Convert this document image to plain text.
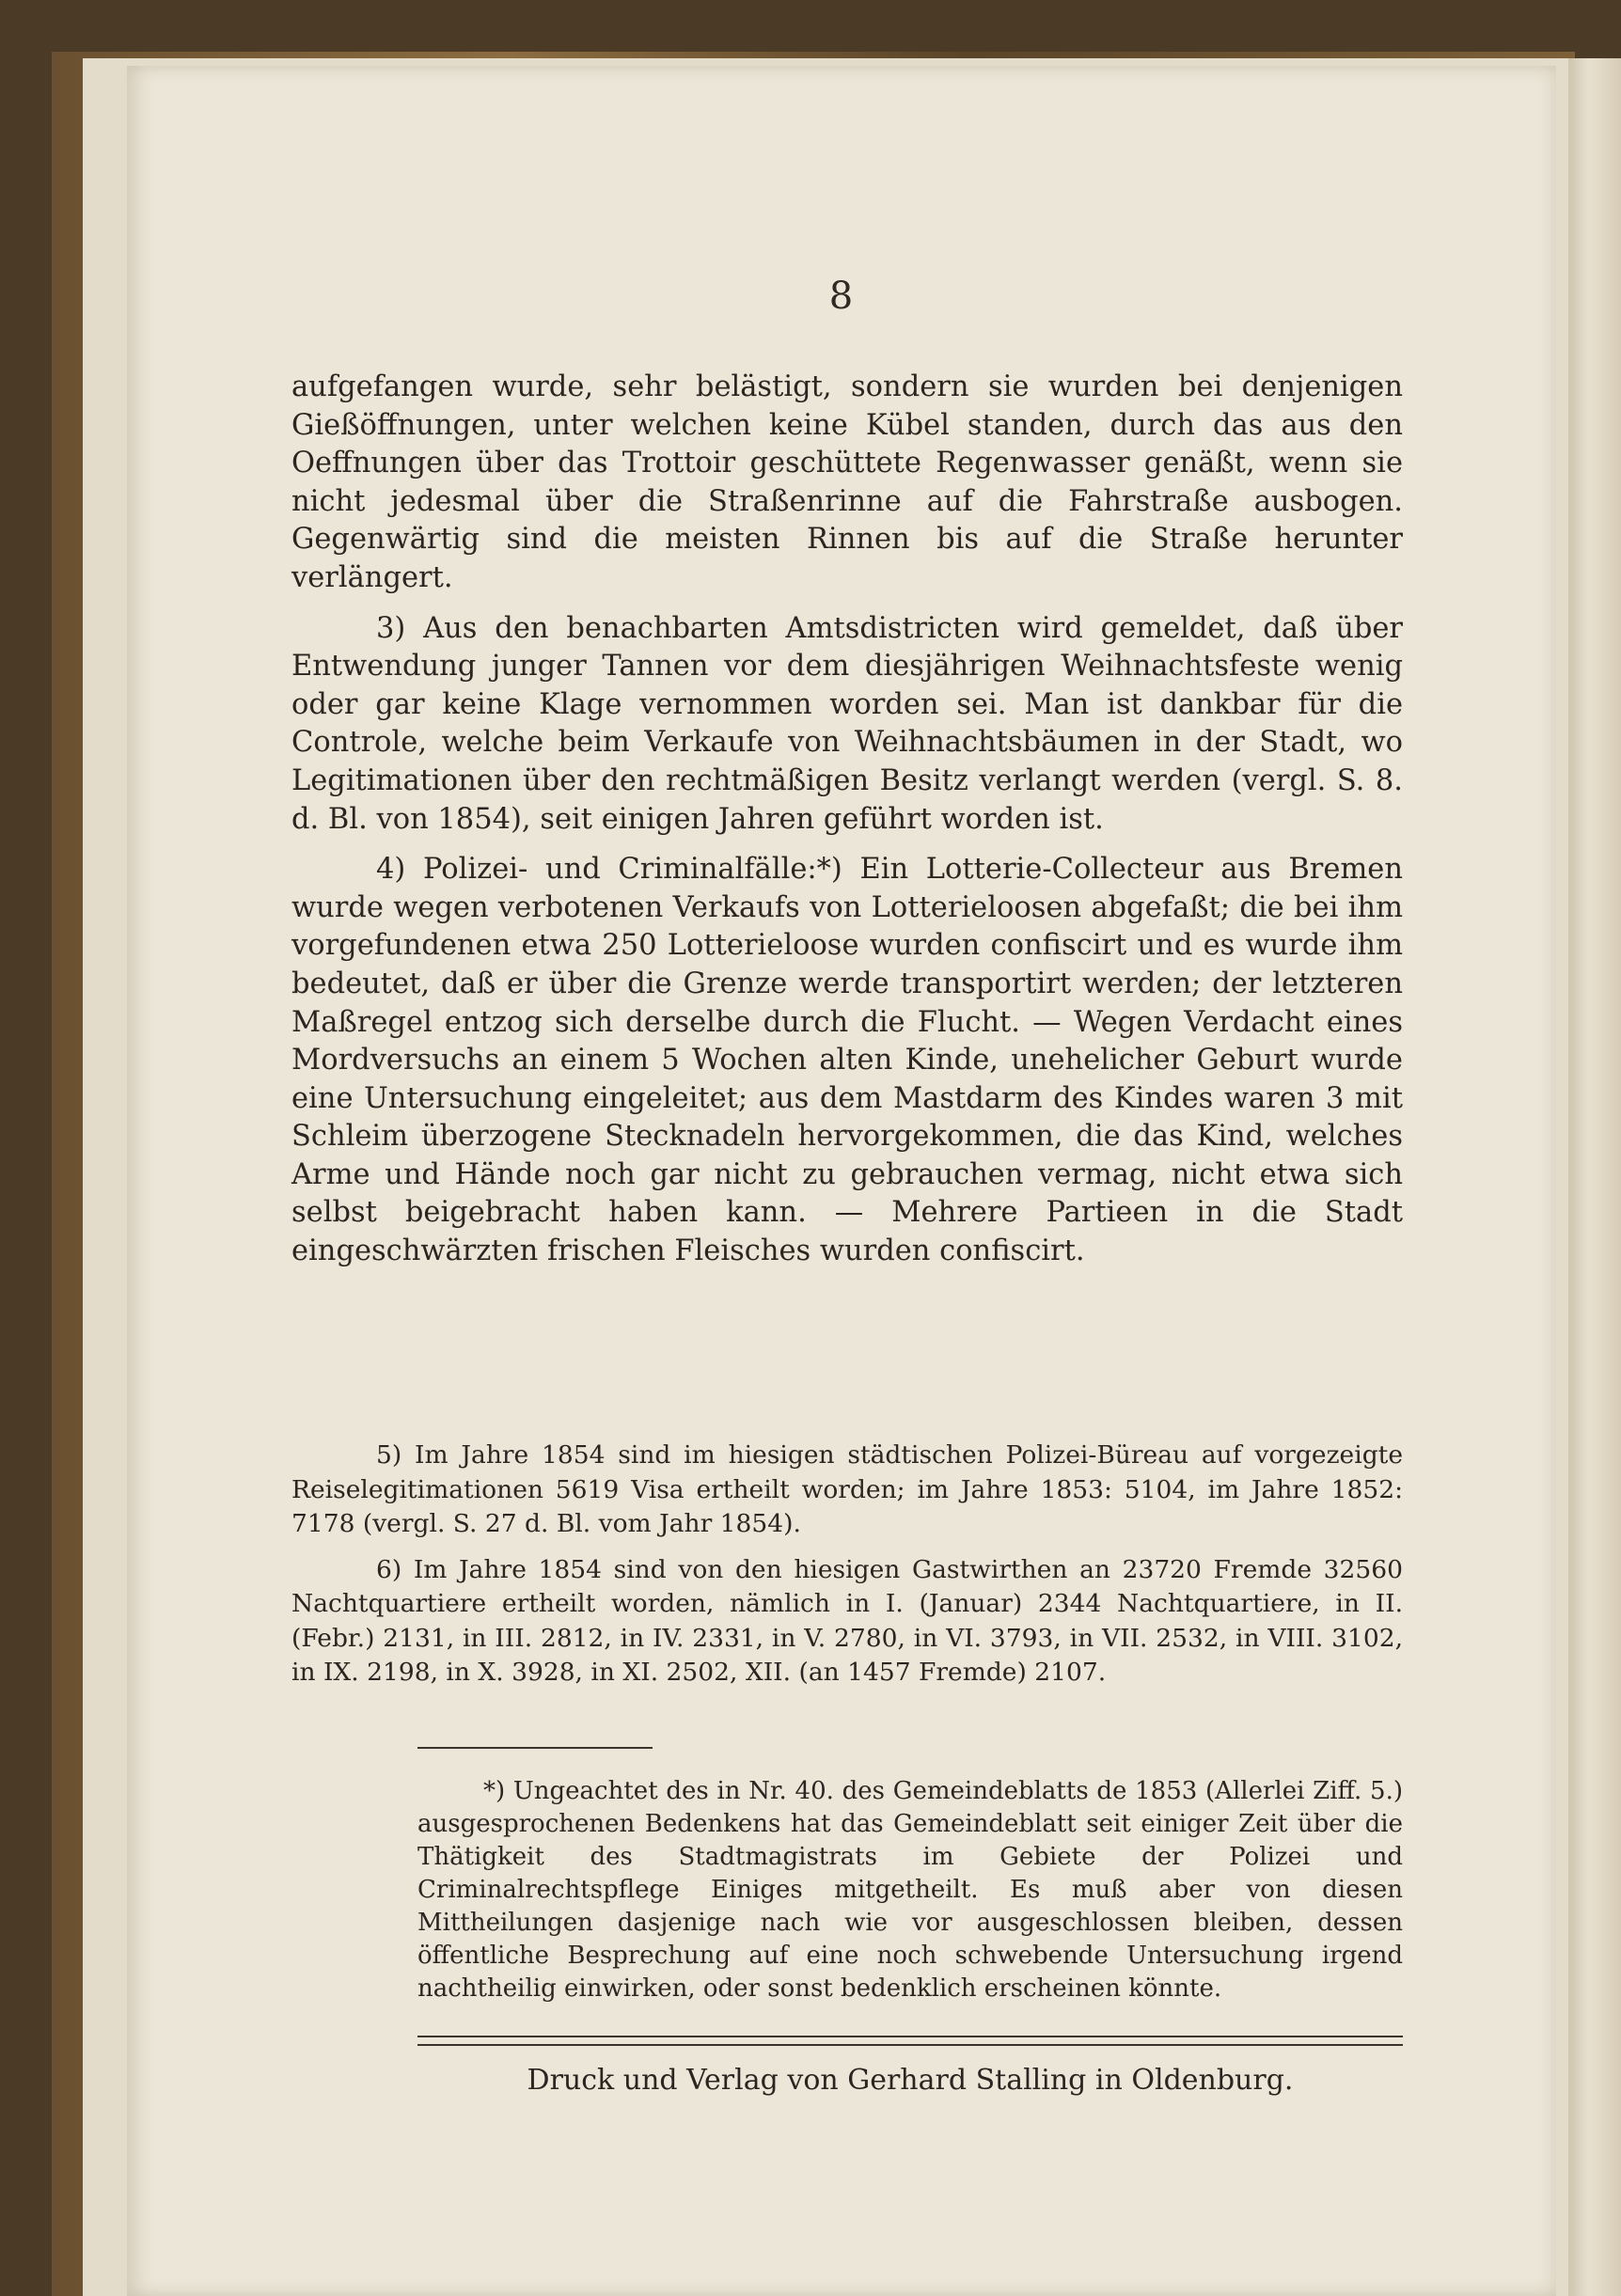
8

aufgefangen wurde, sehr belästigt, sondern sie wurden bei denjenigen Gießöffnungen, unter welchen keine Kübel standen, durch das aus den Oeffnungen über das Trottoir geschüttete Regenwasser genäßt, wenn sie nicht jedesmal über die Straßenrinne auf die Fahrstraße ausbogen. Gegenwärtig sind die meisten Rinnen bis auf die Straße herunter verlängert.

3) Aus den benachbarten Amtsdistricten wird gemeldet, daß über Entwendung junger Tannen vor dem diesjährigen Weihnachtsfeste wenig oder gar keine Klage vernommen worden sei. Man ist dankbar für die Controle, welche beim Verkaufe von Weihnachtsbäumen in der Stadt, wo Legitimationen über den rechtmäßigen Besitz verlangt werden (vergl. S. 8. d. Bl. von 1854), seit einigen Jahren geführt worden ist.

4) Polizei- und Criminalfälle:*) Ein Lotterie-Collecteur aus Bremen wurde wegen verbotenen Verkaufs von Lotterieloosen abgefaßt; die bei ihm vorgefundenen etwa 250 Lotterieloose wurden confiscirt und es wurde ihm bedeutet, daß er über die Grenze werde transportirt werden; der letzteren Maßregel entzog sich derselbe durch die Flucht. — Wegen Verdacht eines Mordversuchs an einem 5 Wochen alten Kinde, unehelicher Geburt wurde eine Untersuchung eingeleitet; aus dem Mastdarm des Kindes waren 3 mit Schleim überzogene Stecknadeln hervorgekommen, die das Kind, welches Arme und Hände noch gar nicht zu gebrauchen vermag, nicht etwa sich selbst beigebracht haben kann. — Mehrere Partieen in die Stadt eingeschwärzten frischen Fleisches wurden confiscirt.

5) Im Jahre 1854 sind im hiesigen städtischen Polizei-Büreau auf vorgezeigte Reiselegitimationen 5619 Visa ertheilt worden; im Jahre 1853: 5104, im Jahre 1852: 7178 (vergl. S. 27 d. Bl. vom Jahr 1854).

6) Im Jahre 1854 sind von den hiesigen Gastwirthen an 23720 Fremde 32560 Nachtquartiere ertheilt worden, nämlich in I. (Januar) 2344 Nachtquartiere, in II. (Febr.) 2131, in III. 2812, in IV. 2331, in V. 2780, in VI. 3793, in VII. 2532, in VIII. 3102, in IX. 2198, in X. 3928, in XI. 2502, XII. (an 1457 Fremde) 2107.

*) Ungeachtet des in Nr. 40. des Gemeindeblatts de 1853 (Allerlei Ziff. 5.) ausgesprochenen Bedenkens hat das Gemeindeblatt seit einiger Zeit über die Thätigkeit des Stadtmagistrats im Gebiete der Polizei und Criminalrechtspflege Einiges mitgetheilt. Es muß aber von diesen Mittheilungen dasjenige nach wie vor ausgeschlossen bleiben, dessen öffentliche Besprechung auf eine noch schwebende Untersuchung irgend nachtheilig einwirken, oder sonst bedenklich erscheinen könnte.
Druck und Verlag von Gerhard Stalling in Oldenburg.
